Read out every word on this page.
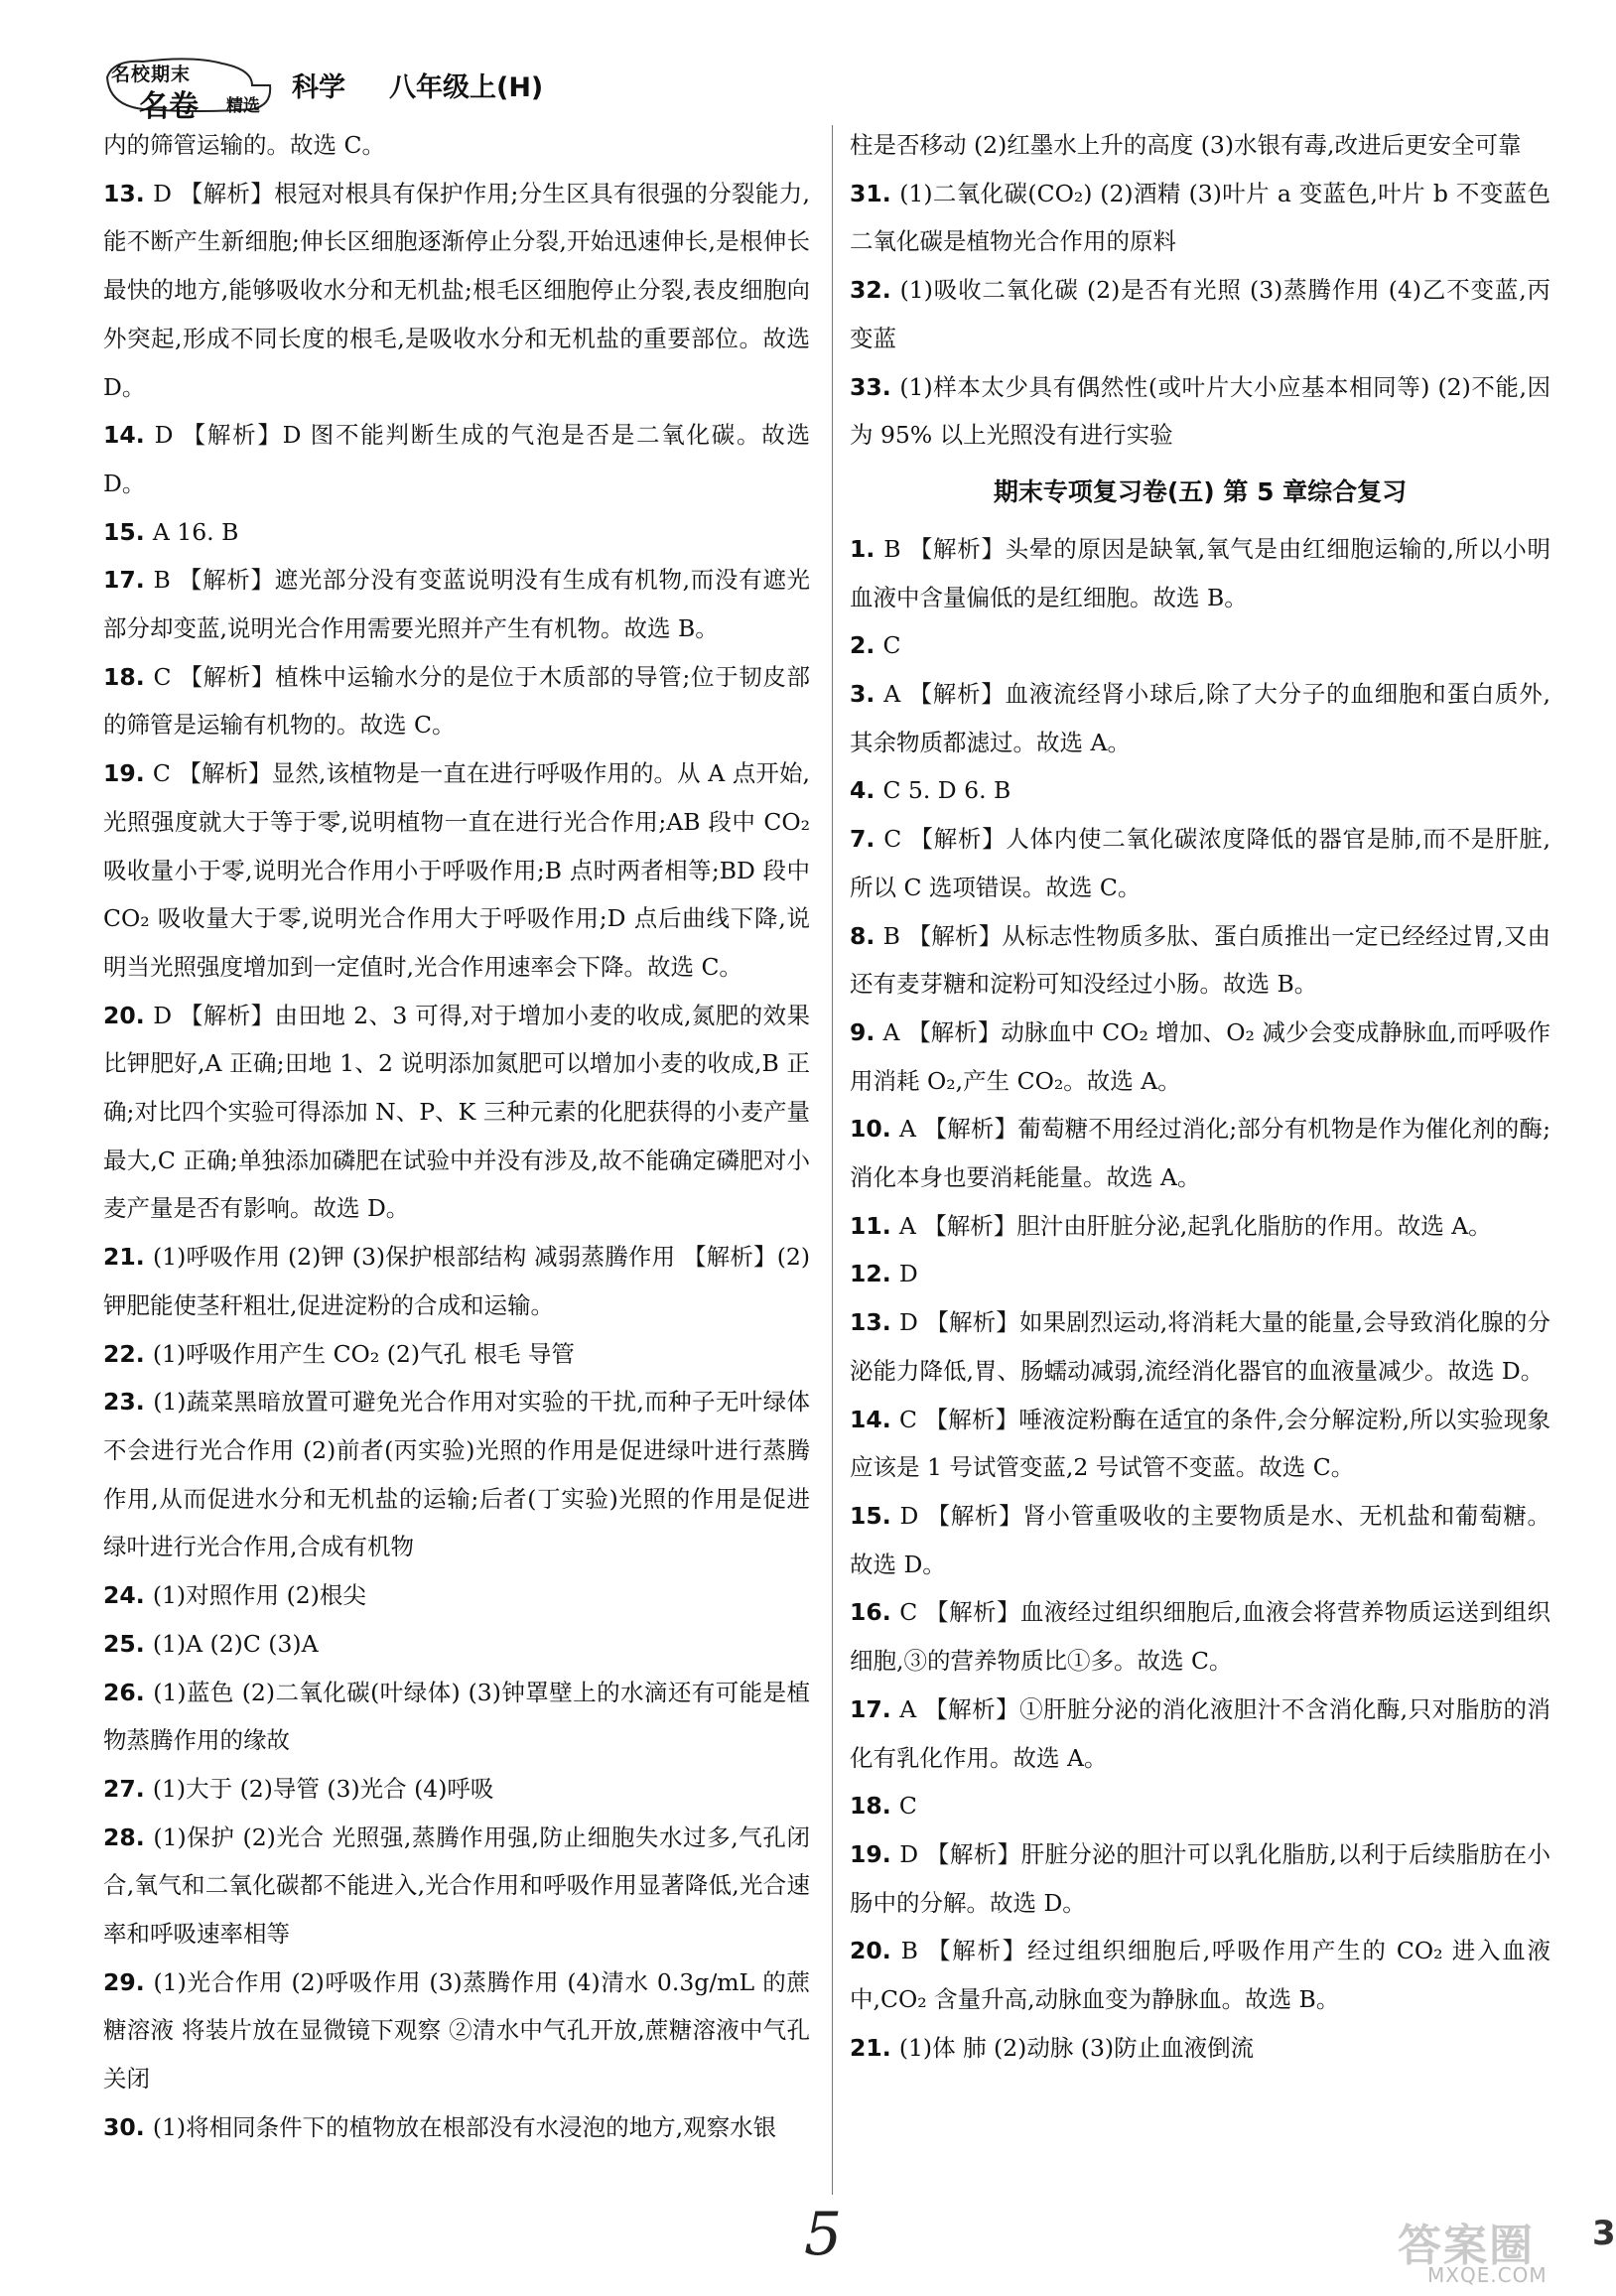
名校期末
名卷 精选
科学 八年级上(H)
内的筛管运输的。故选 C。
13. D 【解析】根冠对根具有保护作用;分生区具有很强的分裂能力,能不断产生新细胞;伸长区细胞逐渐停止分裂,开始迅速伸长,是根伸长最快的地方,能够吸收水分和无机盐;根毛区细胞停止分裂,表皮细胞向外突起,形成不同长度的根毛,是吸收水分和无机盐的重要部位。故选 D。
14. D 【解析】D 图不能判断生成的气泡是否是二氧化碳。故选 D。
15. A 16. B
17. B 【解析】遮光部分没有变蓝说明没有生成有机物,而没有遮光部分却变蓝,说明光合作用需要光照并产生有机物。故选 B。
18. C 【解析】植株中运输水分的是位于木质部的导管;位于韧皮部的筛管是运输有机物的。故选 C。
19. C 【解析】显然,该植物是一直在进行呼吸作用的。从 A 点开始,光照强度就大于等于零,说明植物一直在进行光合作用;AB 段中 CO₂ 吸收量小于零,说明光合作用小于呼吸作用;B 点时两者相等;BD 段中 CO₂ 吸收量大于零,说明光合作用大于呼吸作用;D 点后曲线下降,说明当光照强度增加到一定值时,光合作用速率会下降。故选 C。
20. D 【解析】由田地 2、3 可得,对于增加小麦的收成,氮肥的效果比钾肥好,A 正确;田地 1、2 说明添加氮肥可以增加小麦的收成,B 正确;对比四个实验可得添加 N、P、K 三种元素的化肥获得的小麦产量最大,C 正确;单独添加磷肥在试验中并没有涉及,故不能确定磷肥对小麦产量是否有影响。故选 D。
21. (1)呼吸作用 (2)钾 (3)保护根部结构 减弱蒸腾作用 【解析】(2)钾肥能使茎秆粗壮,促进淀粉的合成和运输。
22. (1)呼吸作用产生 CO₂ (2)气孔 根毛 导管
23. (1)蔬菜黑暗放置可避免光合作用对实验的干扰,而种子无叶绿体不会进行光合作用 (2)前者(丙实验)光照的作用是促进绿叶进行蒸腾作用,从而促进水分和无机盐的运输;后者(丁实验)光照的作用是促进绿叶进行光合作用,合成有机物
24. (1)对照作用 (2)根尖
25. (1)A (2)C (3)A
26. (1)蓝色 (2)二氧化碳(叶绿体) (3)钟罩壁上的水滴还有可能是植物蒸腾作用的缘故
27. (1)大于 (2)导管 (3)光合 (4)呼吸
28. (1)保护 (2)光合 光照强,蒸腾作用强,防止细胞失水过多,气孔闭合,氧气和二氧化碳都不能进入,光合作用和呼吸作用显著降低,光合速率和呼吸速率相等
29. (1)光合作用 (2)呼吸作用 (3)蒸腾作用 (4)清水 0.3g/mL 的蔗糖溶液 将装片放在显微镜下观察 ②清水中气孔开放,蔗糖溶液中气孔关闭
30. (1)将相同条件下的植物放在根部没有水浸泡的地方,观察水银
柱是否移动 (2)红墨水上升的高度 (3)水银有毒,改进后更安全可靠
31. (1)二氧化碳(CO₂) (2)酒精 (3)叶片 a 变蓝色,叶片 b 不变蓝色 二氧化碳是植物光合作用的原料
32. (1)吸收二氧化碳 (2)是否有光照 (3)蒸腾作用 (4)乙不变蓝,丙变蓝
33. (1)样本太少具有偶然性(或叶片大小应基本相同等) (2)不能,因为 95% 以上光照没有进行实验
期末专项复习卷(五) 第 5 章综合复习
1. B 【解析】头晕的原因是缺氧,氧气是由红细胞运输的,所以小明血液中含量偏低的是红细胞。故选 B。
2. C
3. A 【解析】血液流经肾小球后,除了大分子的血细胞和蛋白质外,其余物质都滤过。故选 A。
4. C 5. D 6. B
7. C 【解析】人体内使二氧化碳浓度降低的器官是肺,而不是肝脏,所以 C 选项错误。故选 C。
8. B 【解析】从标志性物质多肽、蛋白质推出一定已经经过胃,又由还有麦芽糖和淀粉可知没经过小肠。故选 B。
9. A 【解析】动脉血中 CO₂ 增加、O₂ 减少会变成静脉血,而呼吸作用消耗 O₂,产生 CO₂。故选 A。
10. A 【解析】葡萄糖不用经过消化;部分有机物是作为催化剂的酶;消化本身也要消耗能量。故选 A。
11. A 【解析】胆汁由肝脏分泌,起乳化脂肪的作用。故选 A。
12. D
13. D 【解析】如果剧烈运动,将消耗大量的能量,会导致消化腺的分泌能力降低,胃、肠蠕动减弱,流经消化器官的血液量减少。故选 D。
14. C 【解析】唾液淀粉酶在适宜的条件,会分解淀粉,所以实验现象应该是 1 号试管变蓝,2 号试管不变蓝。故选 C。
15. D 【解析】肾小管重吸收的主要物质是水、无机盐和葡萄糖。故选 D。
16. C 【解析】血液经过组织细胞后,血液会将营养物质运送到组织细胞,③的营养物质比①多。故选 C。
17. A 【解析】①肝脏分泌的消化液胆汁不含消化酶,只对脂肪的消化有乳化作用。故选 A。
18. C
19. D 【解析】肝脏分泌的胆汁可以乳化脂肪,以利于后续脂肪在小肠中的分解。故选 D。
20. B 【解析】经过组织细胞后,呼吸作用产生的 CO₂ 进入血液中,CO₂ 含量升高,动脉血变为静脉血。故选 B。
21. (1)体 肺 (2)动脉 (3)防止血液倒流
5	答案圈
MXQE.COM
3
